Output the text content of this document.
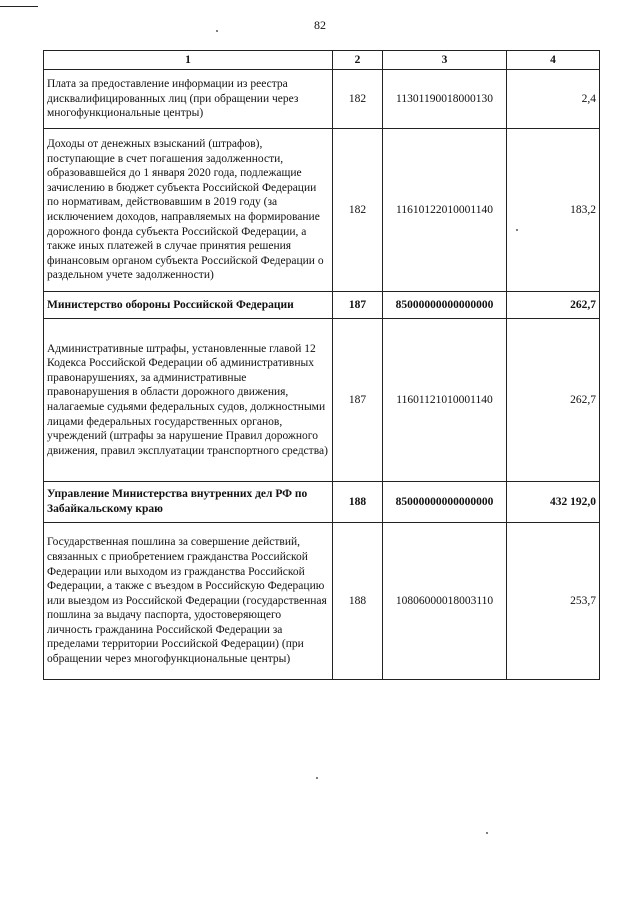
82
1	2	3	4
Плата за предоставление информации из реестра дисквалифицированных лиц (при обращении через многофункциональные центры)	182	11301190018000130	2,4
Доходы от денежных взысканий (штрафов), поступающие в счет погашения задолженности, образовавшейся до 1 января 2020 года, подлежащие зачислению в бюджет субъекта Российской Федерации по нормативам, действовавшим в 2019 году (за исключением доходов, направляемых на формирование дорожного фонда субъекта Российской Федерации, а также иных платежей в случае принятия решения финансовым органом субъекта Российской Федерации о раздельном учете задолженности)	182	11610122010001140	183,2
Министерство обороны Российской Федерации	187	85000000000000000	262,7
Административные штрафы, установленные главой 12 Кодекса Российской Федерации об административных правонарушениях, за административные правонарушения в области дорожного движения, налагаемые судьями федеральных судов, должностными лицами федеральных государственных органов, учреждений (штрафы за нарушение Правил дорожного движения, правил эксплуатации транспортного средства)	187	11601121010001140	262,7
Управление Министерства внутренних дел РФ по Забайкальскому краю	188	85000000000000000	432 192,0
Государственная пошлина за совершение действий, связанных с приобретением гражданства Российской Федерации или выходом из гражданства Российской Федерации, а также с въездом в Российскую Федерацию или выездом из Российской Федерации (государственная пошлина за выдачу паспорта, удостоверяющего личность гражданина Российской Федерации за пределами территории Российской Федерации) (при обращении через многофункциональные центры)	188	10806000018003110	253,7
